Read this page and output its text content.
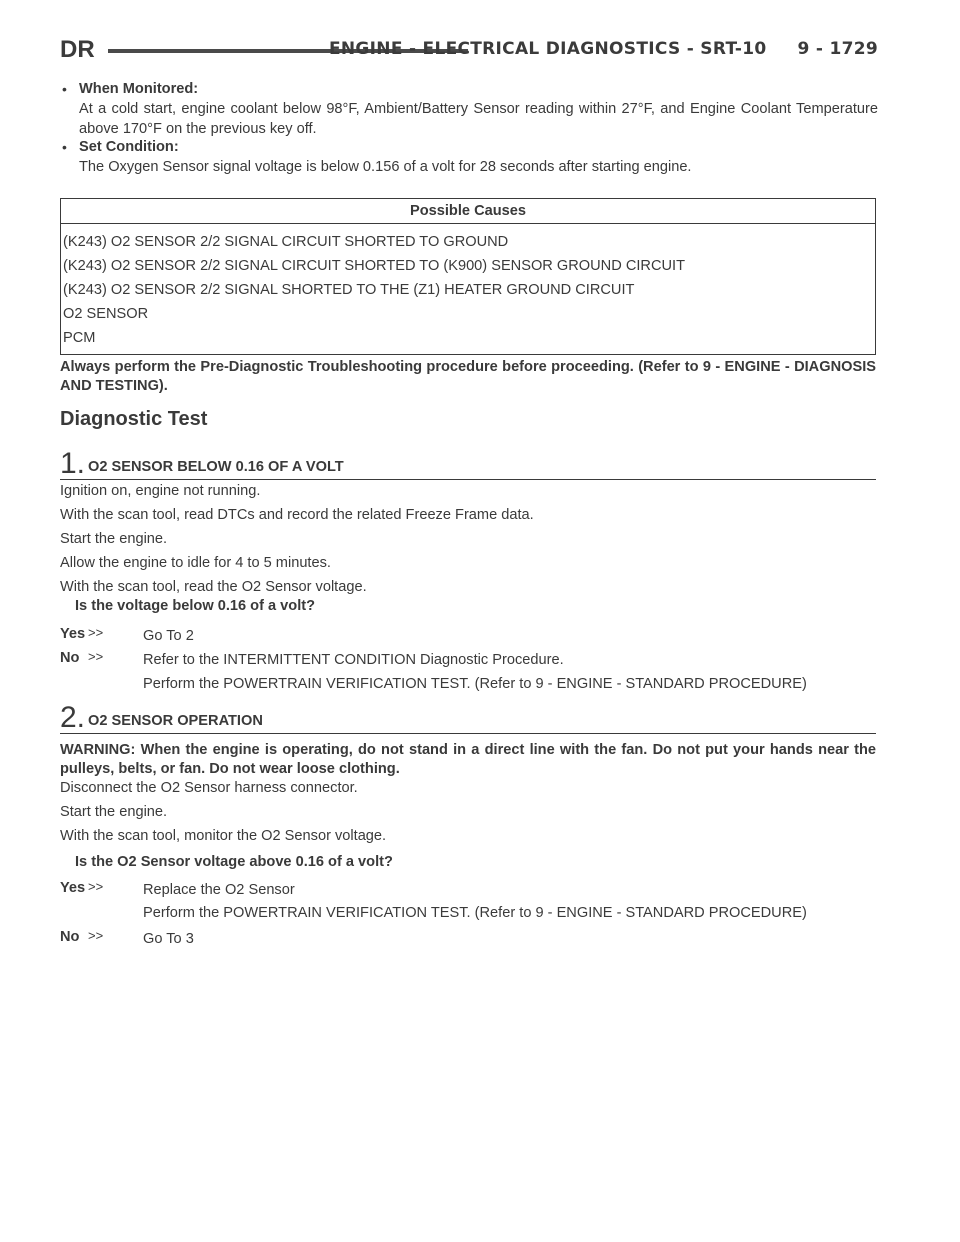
DR	ENGINE - ELECTRICAL DIAGNOSTICS - SRT-10     9 - 1729
• When Monitored:
At a cold start, engine coolant below 98°F, Ambient/Battery Sensor reading within 27°F, and Engine Coolant Temperature above 170°F on the previous key off.
• Set Condition:
The Oxygen Sensor signal voltage is below 0.156 of a volt for 28 seconds after starting engine.
Possible Causes
(K243) O2 SENSOR 2/2 SIGNAL CIRCUIT SHORTED TO GROUND
(K243) O2 SENSOR 2/2 SIGNAL CIRCUIT SHORTED TO (K900) SENSOR GROUND CIRCUIT
(K243) O2 SENSOR 2/2 SIGNAL SHORTED TO THE (Z1) HEATER GROUND CIRCUIT
O2 SENSOR
PCM
Always perform the Pre-Diagnostic Troubleshooting procedure before proceeding. (Refer to 9 - ENGINE - DIAGNOSIS AND TESTING).
Diagnostic Test
1. O2 SENSOR BELOW 0.16 OF A VOLT
Ignition on, engine not running.
With the scan tool, read DTCs and record the related Freeze Frame data.
Start the engine.
Allow the engine to idle for 4 to 5 minutes.
With the scan tool, read the O2 Sensor voltage.
Is the voltage below 0.16 of a volt?
Yes >>	Go To 2
No >>	Refer to the INTERMITTENT CONDITION Diagnostic Procedure.
Perform the POWERTRAIN VERIFICATION TEST. (Refer to 9 - ENGINE - STANDARD PROCEDURE)
2. O2 SENSOR OPERATION
WARNING: When the engine is operating, do not stand in a direct line with the fan. Do not put your hands near the pulleys, belts, or fan. Do not wear loose clothing.
Disconnect the O2 Sensor harness connector.
Start the engine.
With the scan tool, monitor the O2 Sensor voltage.
Is the O2 Sensor voltage above 0.16 of a volt?
Yes >>	Replace the O2 Sensor
Perform the POWERTRAIN VERIFICATION TEST. (Refer to 9 - ENGINE - STANDARD PROCEDURE)
No >>	Go To 3
